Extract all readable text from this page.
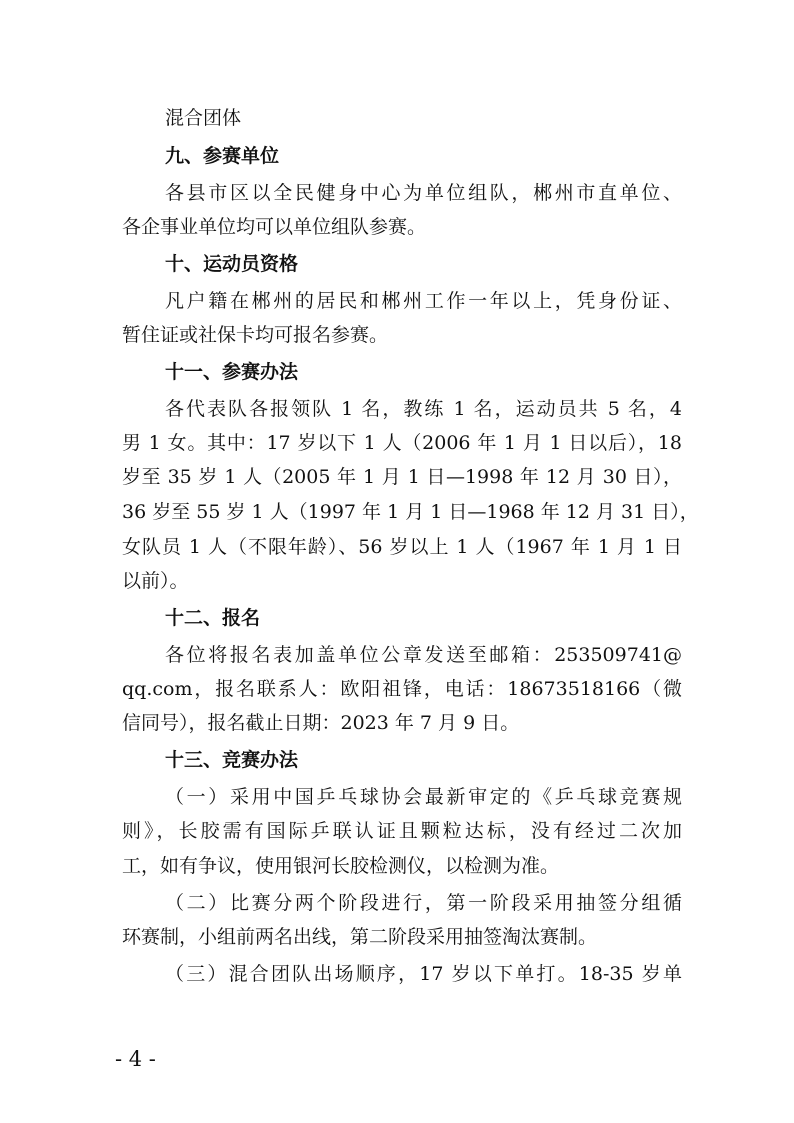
混合团体
九、参赛单位
各县市区以全民健身中心为单位组队，郴州市直单位、
各企事业单位均可以单位组队参赛。
十、运动员资格
凡户籍在郴州的居民和郴州工作一年以上，凭身份证、
暂住证或社保卡均可报名参赛。
十一、参赛办法
各代表队各报领队 1 名，教练 1 名，运动员共 5 名，4
男 1 女。其中：17 岁以下 1 人（2006 年 1 月 1 日以后），18
岁至 35 岁 1 人（2005 年 1 月 1 日—1998 年 12 月 30 日），
36 岁至 55 岁 1 人（1997 年 1 月 1 日—1968 年 12 月 31 日），
女队员 1 人（不限年龄）、56 岁以上 1 人（1967 年 1 月 1 日
以前）。
十二、报名
各位将报名表加盖单位公章发送至邮箱：253509741@
qq.com，报名联系人：欧阳祖锋，电话：18673518166（微
信同号），报名截止日期：2023 年 7 月 9 日。
十三、竞赛办法
（一）采用中国乒乓球协会最新审定的《乒乓球竞赛规
则》，长胶需有国际乒联认证且颗粒达标，没有经过二次加
工，如有争议，使用银河长胶检测仪，以检测为准。
（二）比赛分两个阶段进行，第一阶段采用抽签分组循
环赛制，小组前两名出线，第二阶段采用抽签淘汰赛制。
（三）混合团队出场顺序，17 岁以下单打。18-35 岁单
- 4 -
